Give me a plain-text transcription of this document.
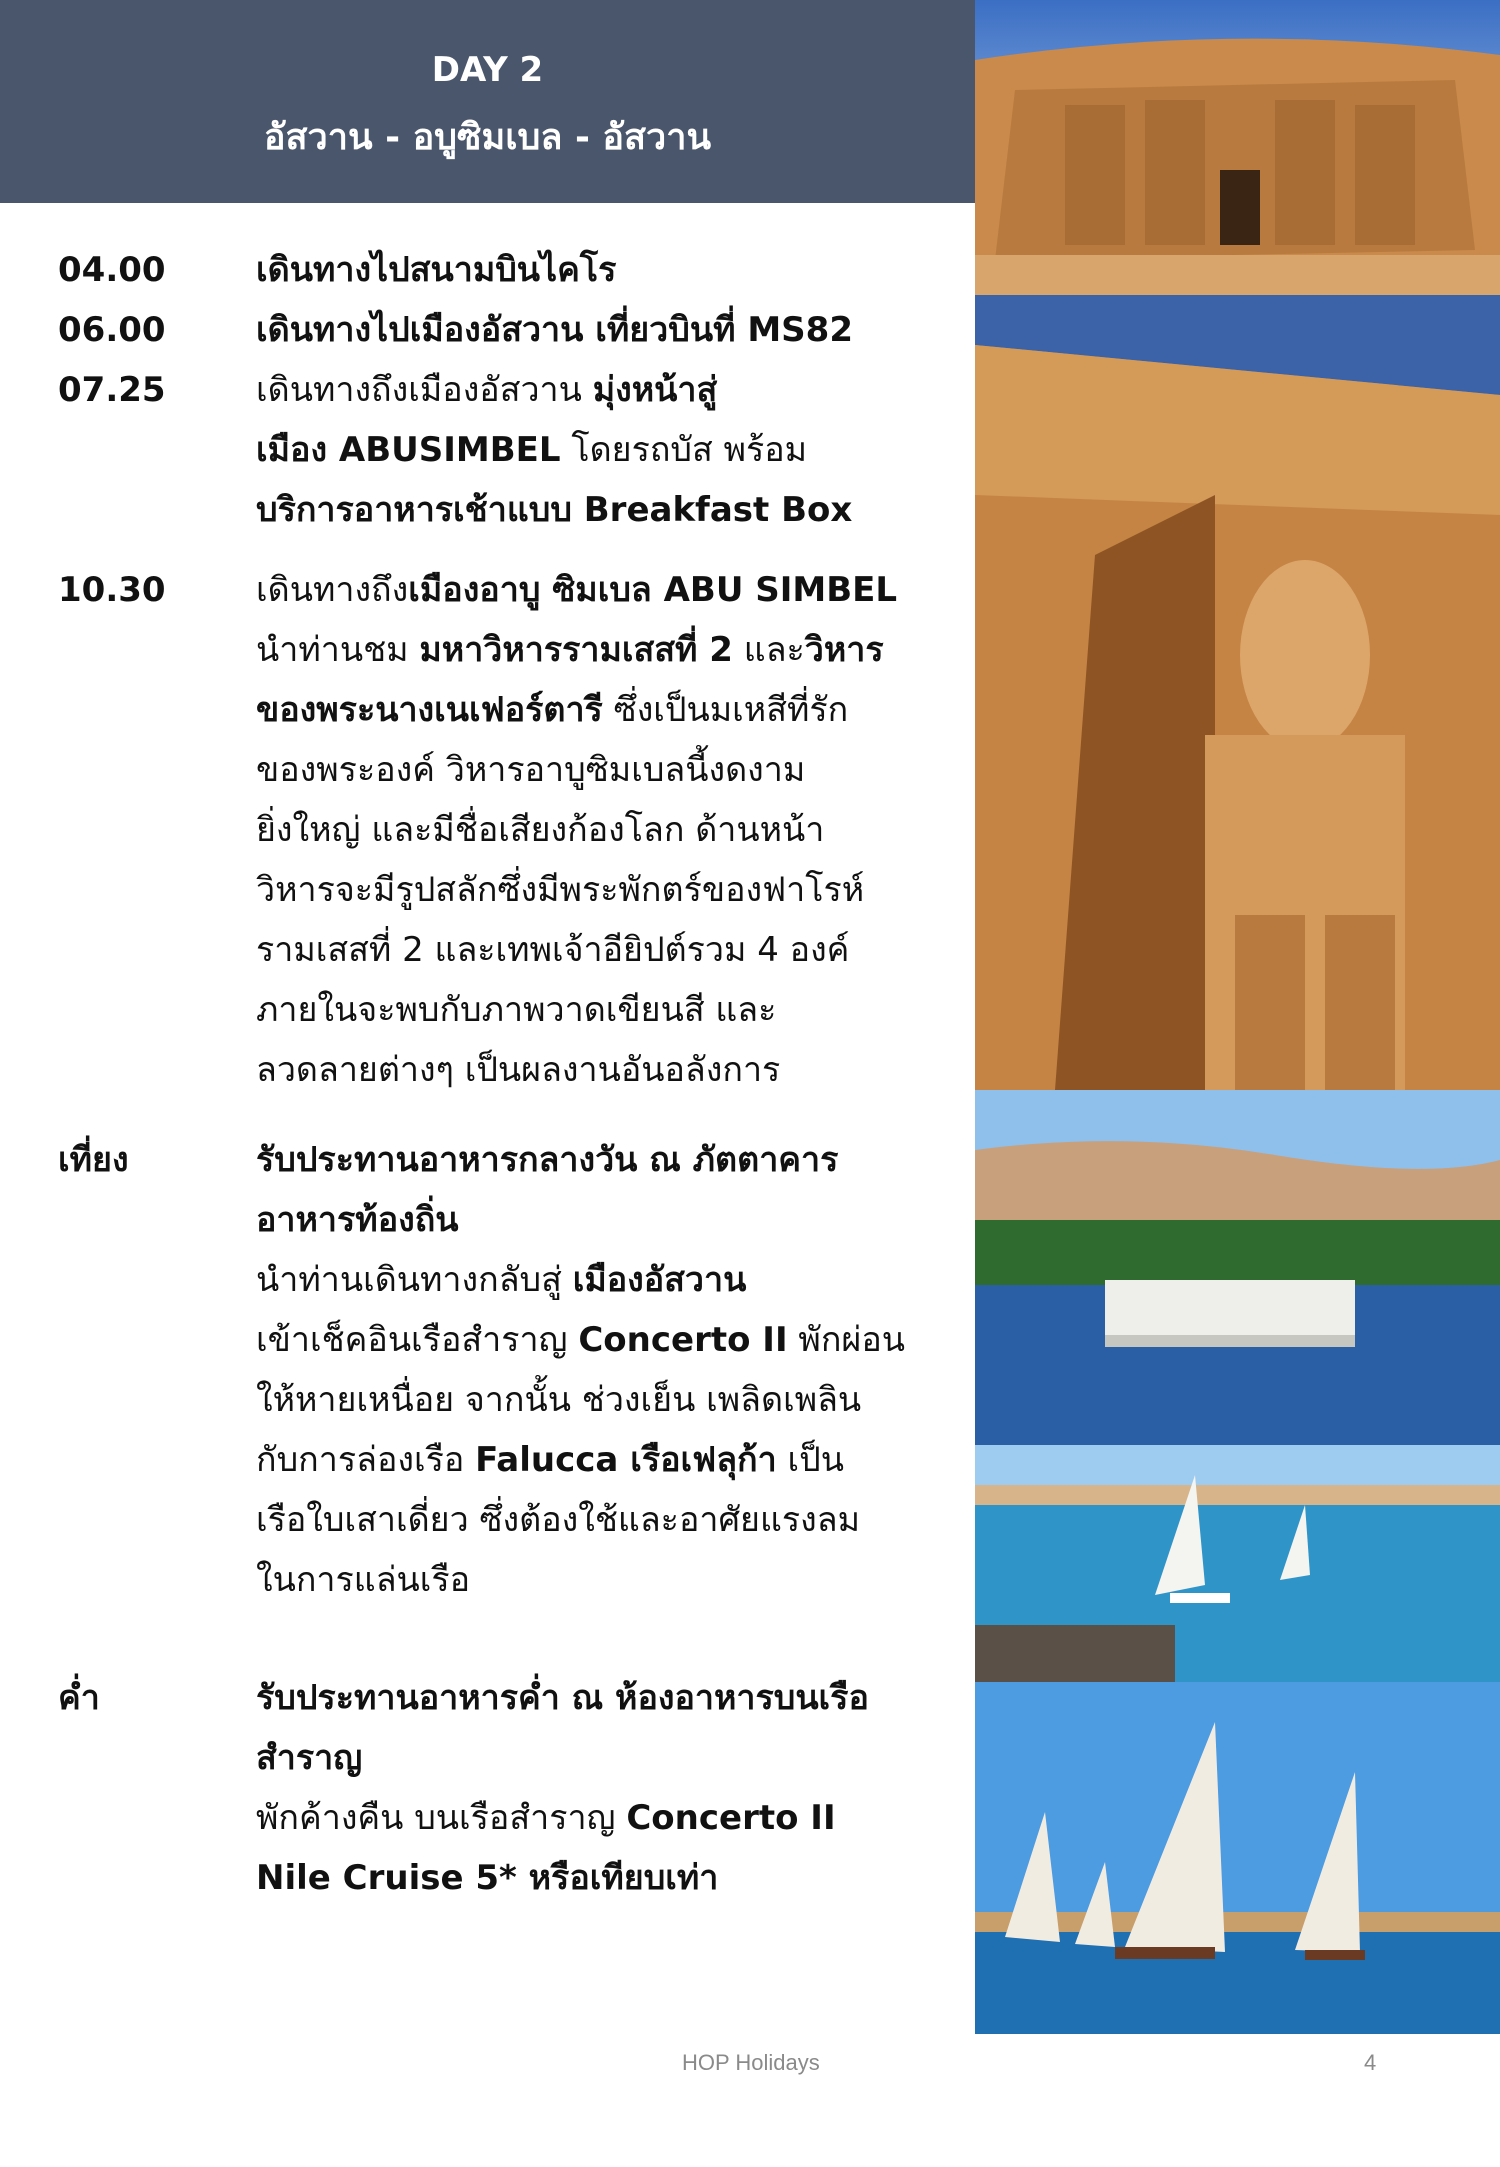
DAY 2
อัสวาน - อบูซิมเบล - อัสวาน
04.00	เดินทางไปสนามบินไคโร
06.00	เดินทางไปเมืองอัสวาน เที่ยวบินที่ MS82
07.25	เดินทางถึงเมืองอัสวาน มุ่งหน้าสู่
เมือง ABUSIMBEL โดยรถบัส พร้อม
บริการอาหารเช้าแบบ Breakfast Box
10.30	เดินทางถึงเมืองอาบู ซิมเบล ABU SIMBEL
นำท่านชม มหาวิหารรามเสสที่ 2 และวิหาร
ของพระนางเนเฟอร์ตารี ซึ่งเป็นมเหสีที่รัก
ของพระองค์ วิหารอาบูซิมเบลนี้งดงาม
ยิ่งใหญ่ และมีชื่อเสียงก้องโลก ด้านหน้า
วิหารจะมีรูปสลักซึ่งมีพระพักตร์ของฟาโรห์
รามเสสที่ 2 และเทพเจ้าอียิปต์รวม 4 องค์
ภายในจะพบกับภาพวาดเขียนสี และ
ลวดลายต่างๆ เป็นผลงานอันอลังการ
เที่ยง	รับประทานอาหารกลางวัน ณ ภัตตาคาร
อาหารท้องถิ่น
นำท่านเดินทางกลับสู่ เมืองอัสวาน
เข้าเช็คอินเรือสำราญ Concerto II พักผ่อน
ให้หายเหนื่อย จากนั้น ช่วงเย็น เพลิดเพลิน
กับการล่องเรือ Falucca เรือเฟลุก้า เป็น
เรือใบเสาเดี่ยว ซึ่งต้องใช้และอาศัยแรงลม
ในการแล่นเรือ
ค่ำ	รับประทานอาหารค่ำ ณ ห้องอาหารบนเรือ
สำราญ
พักค้างคืน บนเรือสำราญ Concerto II
Nile Cruise 5* หรือเทียบเท่า
HOP Holidays	4
